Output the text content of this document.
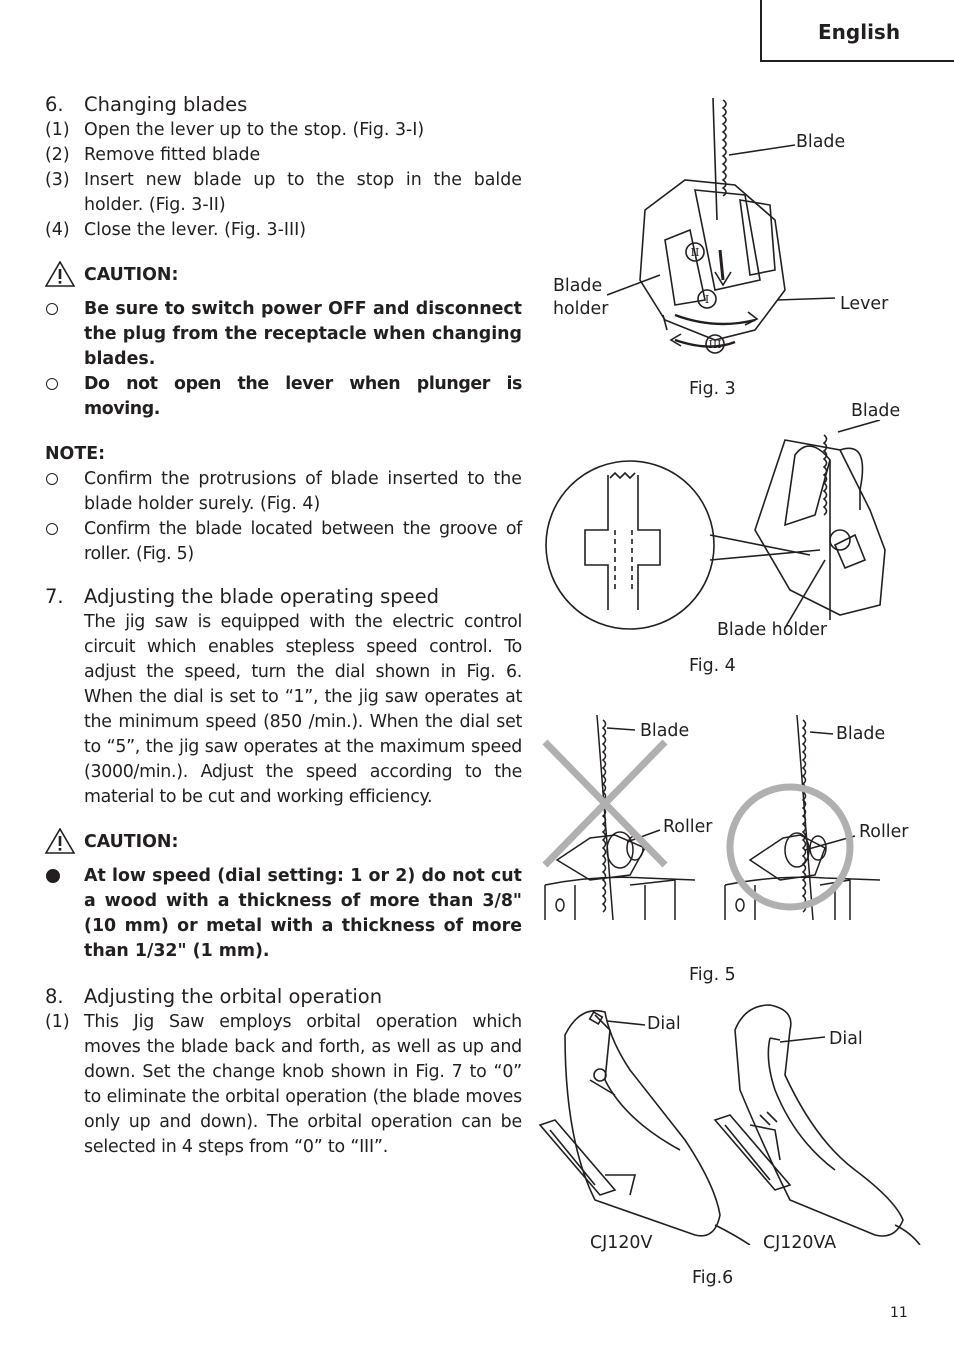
English
6. Changing blades
(1) Open the lever up to the stop. (Fig. 3-I)
(2) Remove fitted blade
(3) Insert new blade up to the stop in the balde holder. (Fig. 3-II)
(4) Close the lever. (Fig. 3-III)
CAUTION:
Be sure to switch power OFF and disconnect the plug from the receptacle when changing blades.
Do not open the lever when plunger is moving.
NOTE:
Confirm the protrusions of blade inserted to the blade holder surely. (Fig. 4)
Confirm the blade located between the groove of roller. (Fig. 5)
7. Adjusting the blade operating speed
The jig saw is equipped with the electric control circuit which enables stepless speed control. To adjust the speed, turn the dial shown in Fig. 6. When the dial is set to “1”, the jig saw operates at the minimum speed (850 /min.). When the dial set to “5”, the jig saw operates at the maximum speed (3000/min.). Adjust the speed according to the material to be cut and working efficiency.
CAUTION:
At low speed (dial setting: 1 or 2) do not cut a wood with a thickness of more than 3/8" (10 mm) or metal with a thickness of more than 1/32" (1 mm).
8. Adjusting the orbital operation
(1) This Jig Saw employs orbital operation which moves the blade back and forth, as well as up and down. Set the change knob shown in Fig. 7 to “0” to eliminate the orbital operation (the blade moves only up and down). The orbital operation can be selected in 4 steps from “0” to “III”.
II
I
III
Blade
Blade
holder	Lever
Fig. 3
Blade
Blade holder
Fig. 4
Blade
Roller
Blade
Roller
Fig. 5
Dial
Dial
CJ120V	CJ120VA
Fig.6
11
